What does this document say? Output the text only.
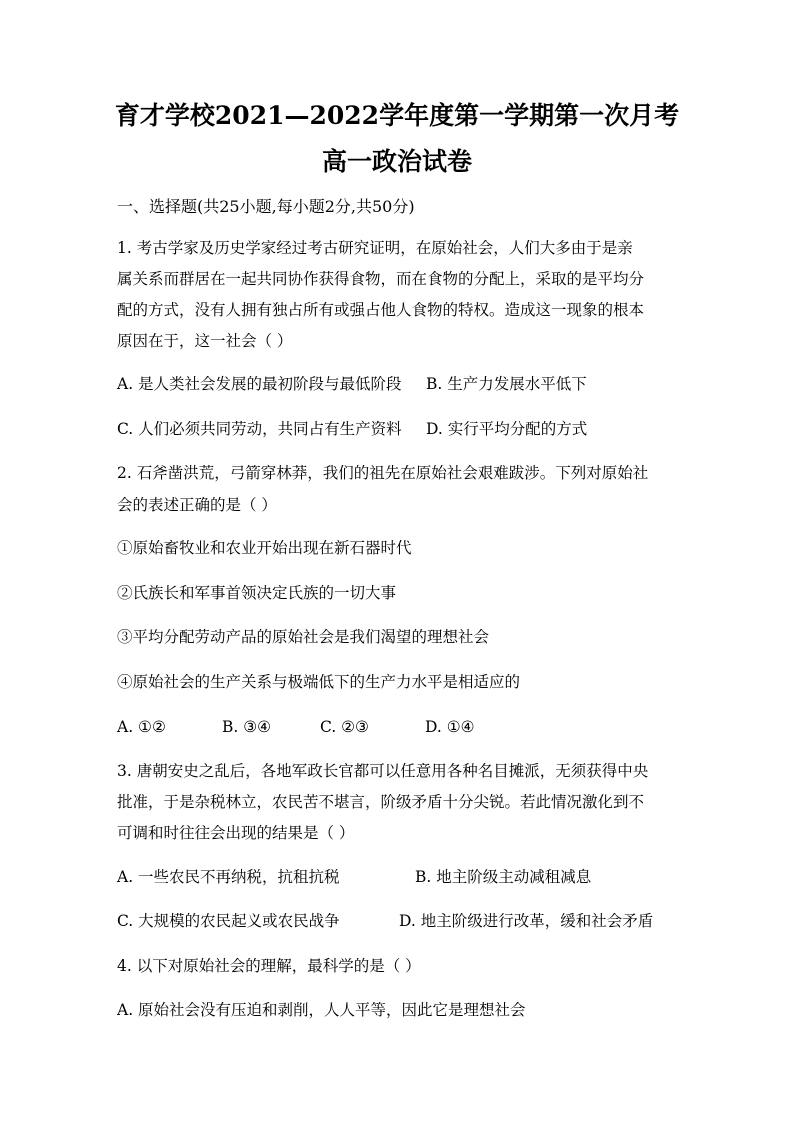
育才学校2021—2022学年度第一学期第一次月考
高一政治试卷
一、选择题(共25小题,每小题2分,共50分)
1. 考古学家及历史学家经过考古研究证明，在原始社会，人们大多由于是亲
属关系而群居在一起共同协作获得食物，而在食物的分配上，采取的是平均分
配的方式，没有人拥有独占所有或强占他人食物的特权。造成这一现象的根本
原因在于，这一社会（ ）
A. 是人类社会发展的最初阶段与最低阶段 B. 生产力发展水平低下
C. 人们必须共同劳动，共同占有生产资料 D. 实行平均分配的方式
2. 石斧凿洪荒，弓箭穿林莽，我们的祖先在原始社会艰难跋涉。下列对原始社
会的表述正确的是（ ）
①原始畜牧业和农业开始出现在新石器时代
②氏族长和军事首领决定氏族的一切大事
③平均分配劳动产品的原始社会是我们渴望的理想社会
④原始社会的生产关系与极端低下的生产力水平是相适应的
A. ①②	B. ③④	C. ②③	D. ①④
3. 唐朝安史之乱后，各地军政长官都可以任意用各种名目摊派，无须获得中央
批准，于是杂税林立，农民苦不堪言，阶级矛盾十分尖锐。若此情况激化到不
可调和时往往会出现的结果是（ ）
A. 一些农民不再纳税，抗租抗税	B. 地主阶级主动减租减息
C. 大规模的农民起义或农民战争	D. 地主阶级进行改革，缓和社会矛盾
4. 以下对原始社会的理解，最科学的是（ ）
A. 原始社会没有压迫和剥削，人人平等，因此它是理想社会
